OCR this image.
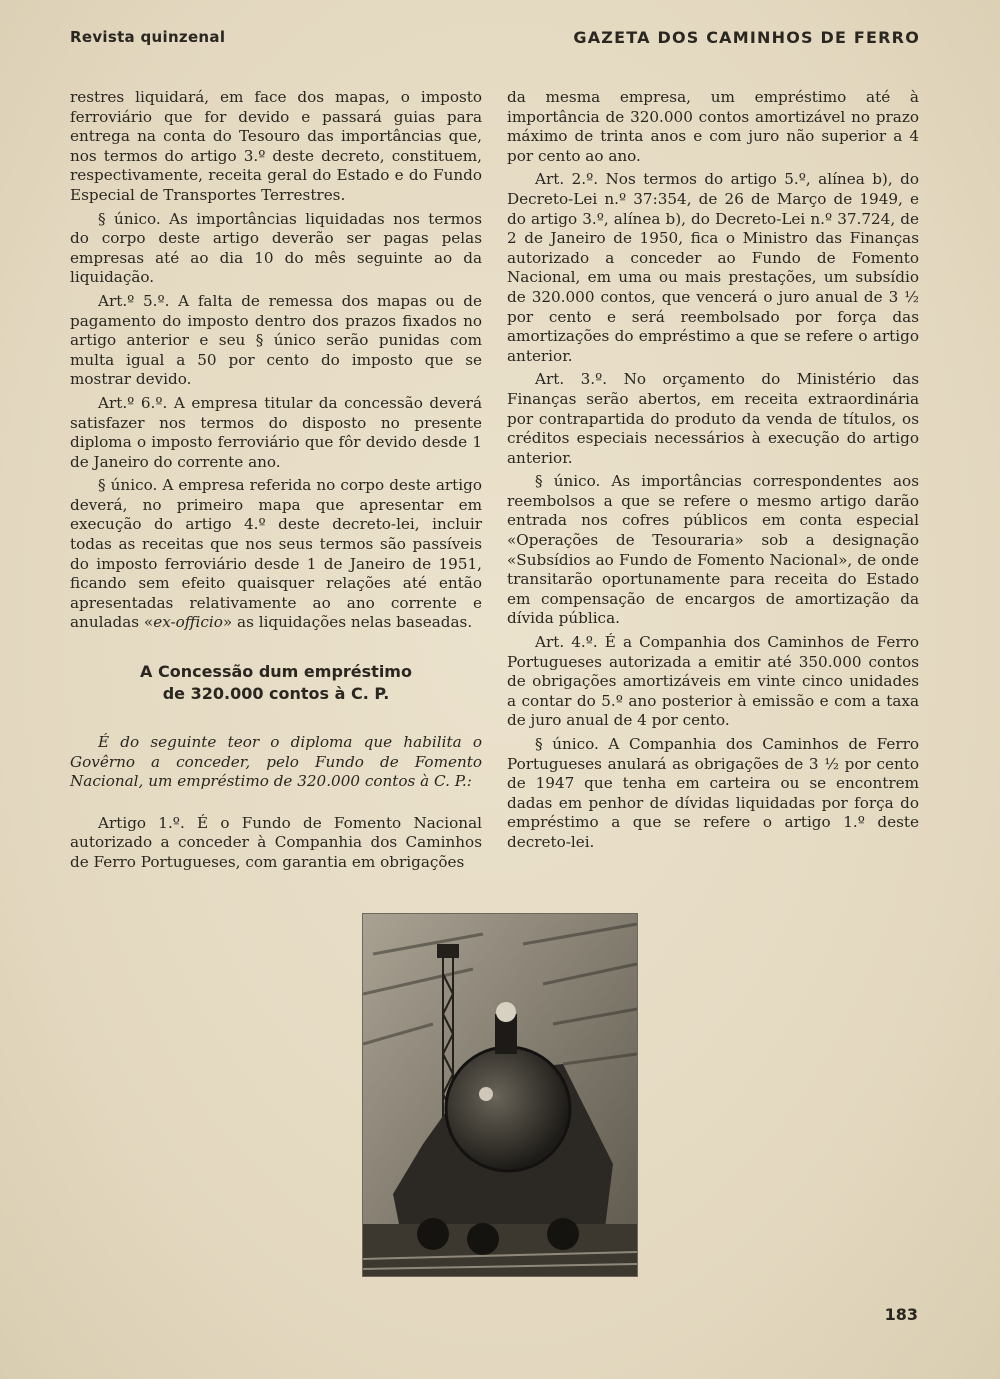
Revista quinzenal	GAZETA DOS CAMINHOS DE FERRO

restres liquidará, em face dos mapas, o imposto ferroviário que for devido e passará guias para entrega na conta do Tesouro das importâncias que, nos termos do artigo 3.º deste decreto, constituem, respectivamente, receita geral do Estado e do Fundo Especial de Transportes Terrestres.

§ único. As importâncias liquidadas nos termos do corpo deste artigo deverão ser pagas pelas empresas até ao dia 10 do mês seguinte ao da liquidação.

Art.º 5.º. A falta de remessa dos mapas ou de pagamento do imposto dentro dos prazos fixados no artigo anterior e seu § único serão punidas com multa igual a 50 por cento do imposto que se mostrar devido.

Art.º 6.º. A empresa titular da concessão deverá satisfazer nos termos do disposto no presente diploma o imposto ferroviário que fôr devido desde 1 de Janeiro do corrente ano.

§ único. A empresa referida no corpo deste artigo deverá, no primeiro mapa que apresentar em execução do artigo 4.º deste decreto-lei, incluir todas as receitas que nos seus termos são passíveis do imposto ferroviário desde 1 de Janeiro de 1951, ficando sem efeito quaisquer relações até então apresentadas relativamente ao ano corrente e anuladas «ex-officio» as liquidações nelas baseadas.

A Concessão dum empréstimo
de 320.000 contos à C. P.

É do seguinte teor o diploma que habilita o Govêrno a conceder, pelo Fundo de Fomento Nacional, um empréstimo de 320.000 contos à C. P.:

Artigo 1.º. É o Fundo de Fomento Nacional autorizado a conceder à Companhia dos Caminhos de Ferro Portugueses, com garantia em obrigações

da mesma empresa, um empréstimo até à importância de 320.000 contos amortizável no prazo máximo de trinta anos e com juro não superior a 4 por cento ao ano.

Art. 2.º. Nos termos do artigo 5.º, alínea b), do Decreto-Lei n.º 37:354, de 26 de Março de 1949, e do artigo 3.º, alínea b), do Decreto-Lei n.º 37.724, de 2 de Janeiro de 1950, fica o Ministro das Finanças autorizado a conceder ao Fundo de Fomento Nacional, em uma ou mais prestações, um subsídio de 320.000 contos, que vencerá o juro anual de 3 ½ por cento e será reembolsado por força das amortizações do empréstimo a que se refere o artigo anterior.

Art. 3.º. No orçamento do Ministério das Finanças serão abertos, em receita extraordinária por contrapartida do produto da venda de títulos, os créditos especiais necessários à execução do artigo anterior.

§ único. As importâncias correspondentes aos reembolsos a que se refere o mesmo artigo darão entrada nos cofres públicos em conta especial «Operações de Tesouraria» sob a designação «Subsídios ao Fundo de Fomento Nacional», de onde transitarão oportunamente para receita do Estado em compensação de encargos de amortização da dívida pública.

Art. 4.º. É a Companhia dos Caminhos de Ferro Portugueses autorizada a emitir até 350.000 contos de obrigações amortizáveis em vinte cinco unidades a contar do 5.º ano posterior à emissão e com a taxa de juro anual de 4 por cento.

§ único. A Companhia dos Caminhos de Ferro Portugueses anulará as obrigações de 3 ½ por cento de 1947 que tenha em carteira ou se encontrem dadas em penhor de dívidas liquidadas por força do empréstimo a que se refere o artigo 1.º deste decreto-lei.

183
